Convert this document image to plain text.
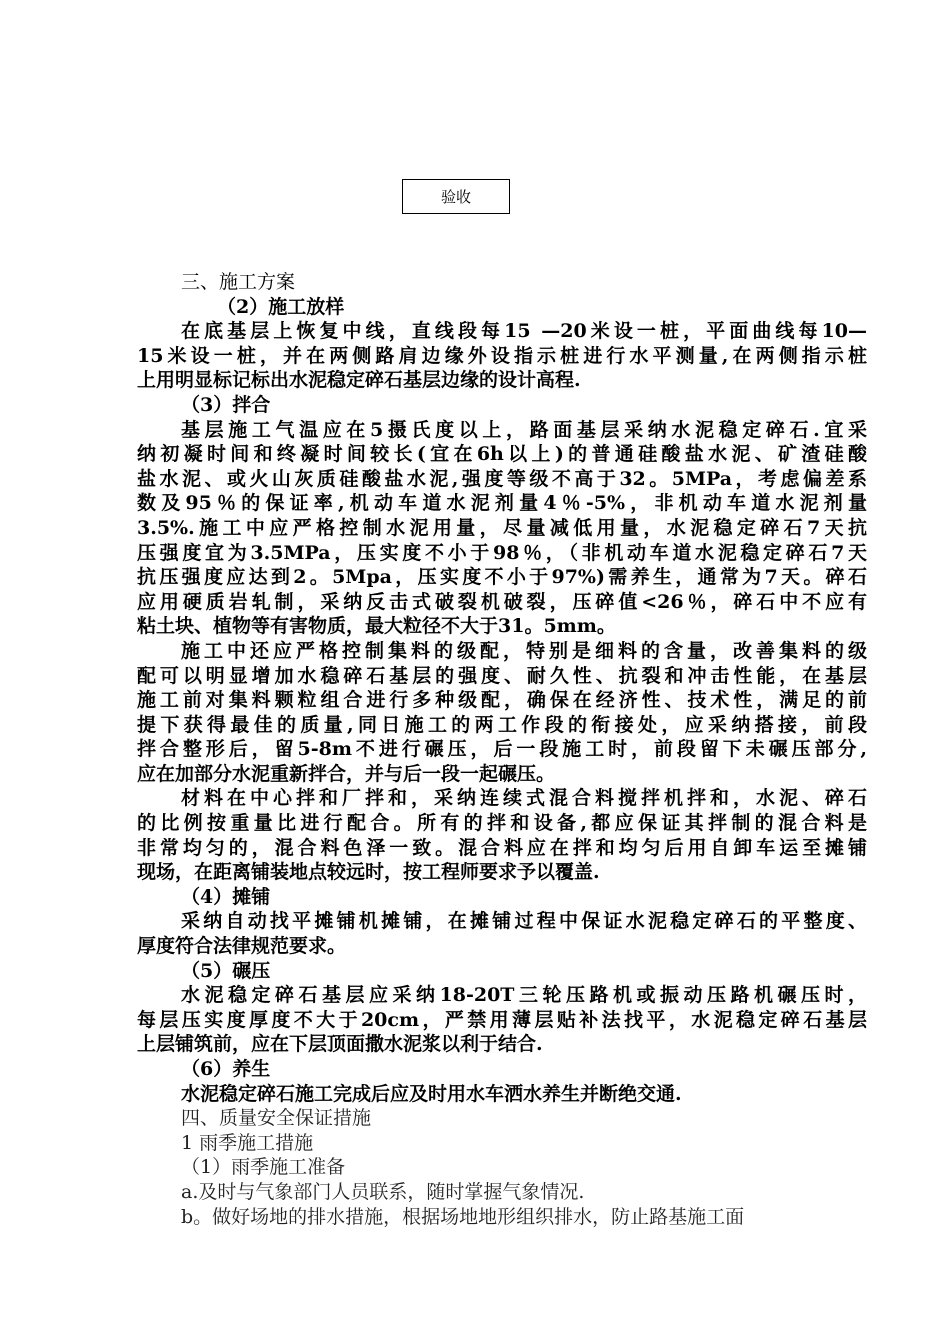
验收
三、施工方案
（2）施工放样
在底基层上恢复中线，直线段每15 —20米设一桩，平面曲线每10—
15米设一桩，并在两侧路肩边缘外设指示桩进行水平测量,在两侧指示桩
上用明显标记标出水泥稳定碎石基层边缘的设计高程.
（3）拌合
基层施工气温应在5摄氏度以上，路面基层采纳水泥稳定碎石.宜采
纳初凝时间和终凝时间较长(宜在6h以上)的普通硅酸盐水泥、矿渣硅酸
盐水泥、或火山灰质硅酸盐水泥,强度等级不高于32。5MPa，考虑偏差系
数及95％的保证率,机动车道水泥剂量4％-5%，非机动车道水泥剂量
3.5%.施工中应严格控制水泥用量，尽量减低用量，水泥稳定碎石7天抗
压强度宜为3.5MPa，压实度不小于98％，（非机动车道水泥稳定碎石7天
抗压强度应达到2。5Mpa，压实度不小于97%)需养生，通常为7天。碎石
应用硬质岩轧制，采纳反击式破裂机破裂，压碎值<26％，碎石中不应有
粘土块、植物等有害物质，最大粒径不大于31。5mm。
施工中还应严格控制集料的级配，特别是细料的含量，改善集料的级
配可以明显增加水稳碎石基层的强度、耐久性、抗裂和冲击性能，在基层
施工前对集料颗粒组合进行多种级配，确保在经济性、技术性，满足的前
提下获得最佳的质量,同日施工的两工作段的衔接处，应采纳搭接，前段
拌合整形后，留5-8m不进行碾压，后一段施工时，前段留下未碾压部分,
应在加部分水泥重新拌合，并与后一段一起碾压。
材料在中心拌和厂拌和，采纳连续式混合料搅拌机拌和，水泥、碎石
的比例按重量比进行配合。所有的拌和设备,都应保证其拌制的混合料是
非常均匀的，混合料色泽一致。混合料应在拌和均匀后用自卸车运至摊铺
现场，在距离铺装地点较远时，按工程师要求予以覆盖.
（4）摊铺
采纳自动找平摊铺机摊铺，在摊铺过程中保证水泥稳定碎石的平整度、
厚度符合法律规范要求。
（5）碾压
水泥稳定碎石基层应采纳18-20T三轮压路机或振动压路机碾压时，
每层压实度厚度不大于20cm，严禁用薄层贴补法找平，水泥稳定碎石基层
上层铺筑前，应在下层顶面撒水泥浆以利于结合.
（6）养生
水泥稳定碎石施工完成后应及时用水车洒水养生并断绝交通.
四、质量安全保证措施
1 雨季施工措施
（1）雨季施工准备
a.及时与气象部门人员联系，随时掌握气象情况.
b。做好场地的排水措施，根据场地地形组织排水，防止路基施工面
